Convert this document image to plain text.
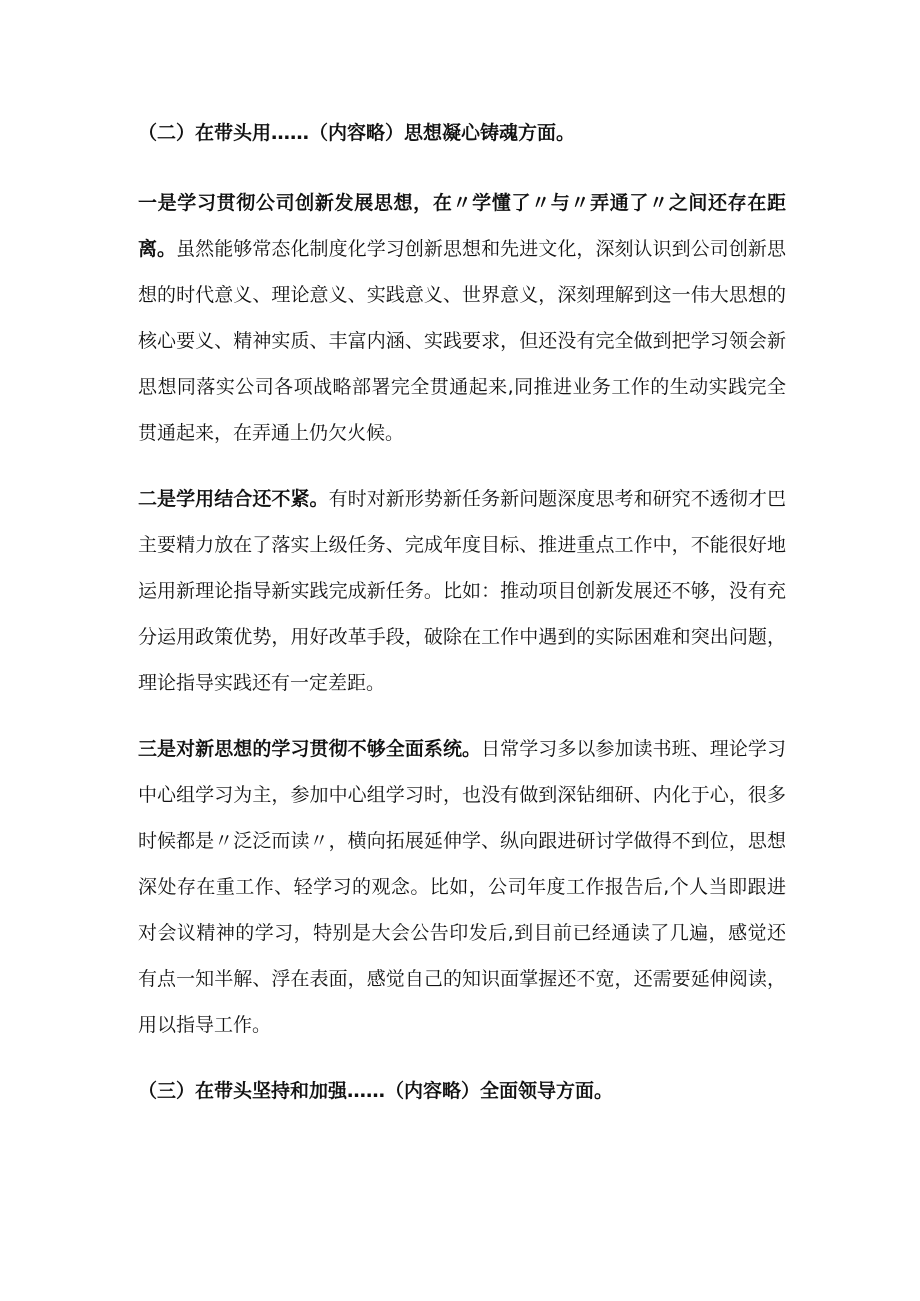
（二）在带头用……（内容略）思想凝心铸魂方面。

一是学习贯彻公司创新发展思想，在〃学懂了〃与〃弄通了〃之间还存在距离。虽然能够常态化制度化学习创新思想和先进文化，深刻认识到公司创新思想的时代意义、理论意义、实践意义、世界意义，深刻理解到这一伟大思想的核心要义、精神实质、丰富内涵、实践要求，但还没有完全做到把学习领会新思想同落实公司各项战略部署完全贯通起来,同推进业务工作的生动实践完全贯通起来，在弄通上仍欠火候。

二是学用结合还不紧。有时对新形势新任务新问题深度思考和研究不透彻才巴主要精力放在了落实上级任务、完成年度目标、推进重点工作中，不能很好地运用新理论指导新实践完成新任务。比如：推动项目创新发展还不够，没有充分运用政策优势，用好改革手段，破除在工作中遇到的实际困难和突出问题，理论指导实践还有一定差距。

三是对新思想的学习贯彻不够全面系统。日常学习多以参加读书班、理论学习中心组学习为主，参加中心组学习时，也没有做到深钻细研、内化于心，很多时候都是〃泛泛而读〃，横向拓展延伸学、纵向跟进研讨学做得不到位，思想深处存在重工作、轻学习的观念。比如，公司年度工作报告后,个人当即跟进对会议精神的学习，特别是大会公告印发后,到目前已经通读了几遍，感觉还有点一知半解、浮在表面，感觉自己的知识面掌握还不宽，还需要延伸阅读，用以指导工作。

（三）在带头坚持和加强……（内容略）全面领导方面。
